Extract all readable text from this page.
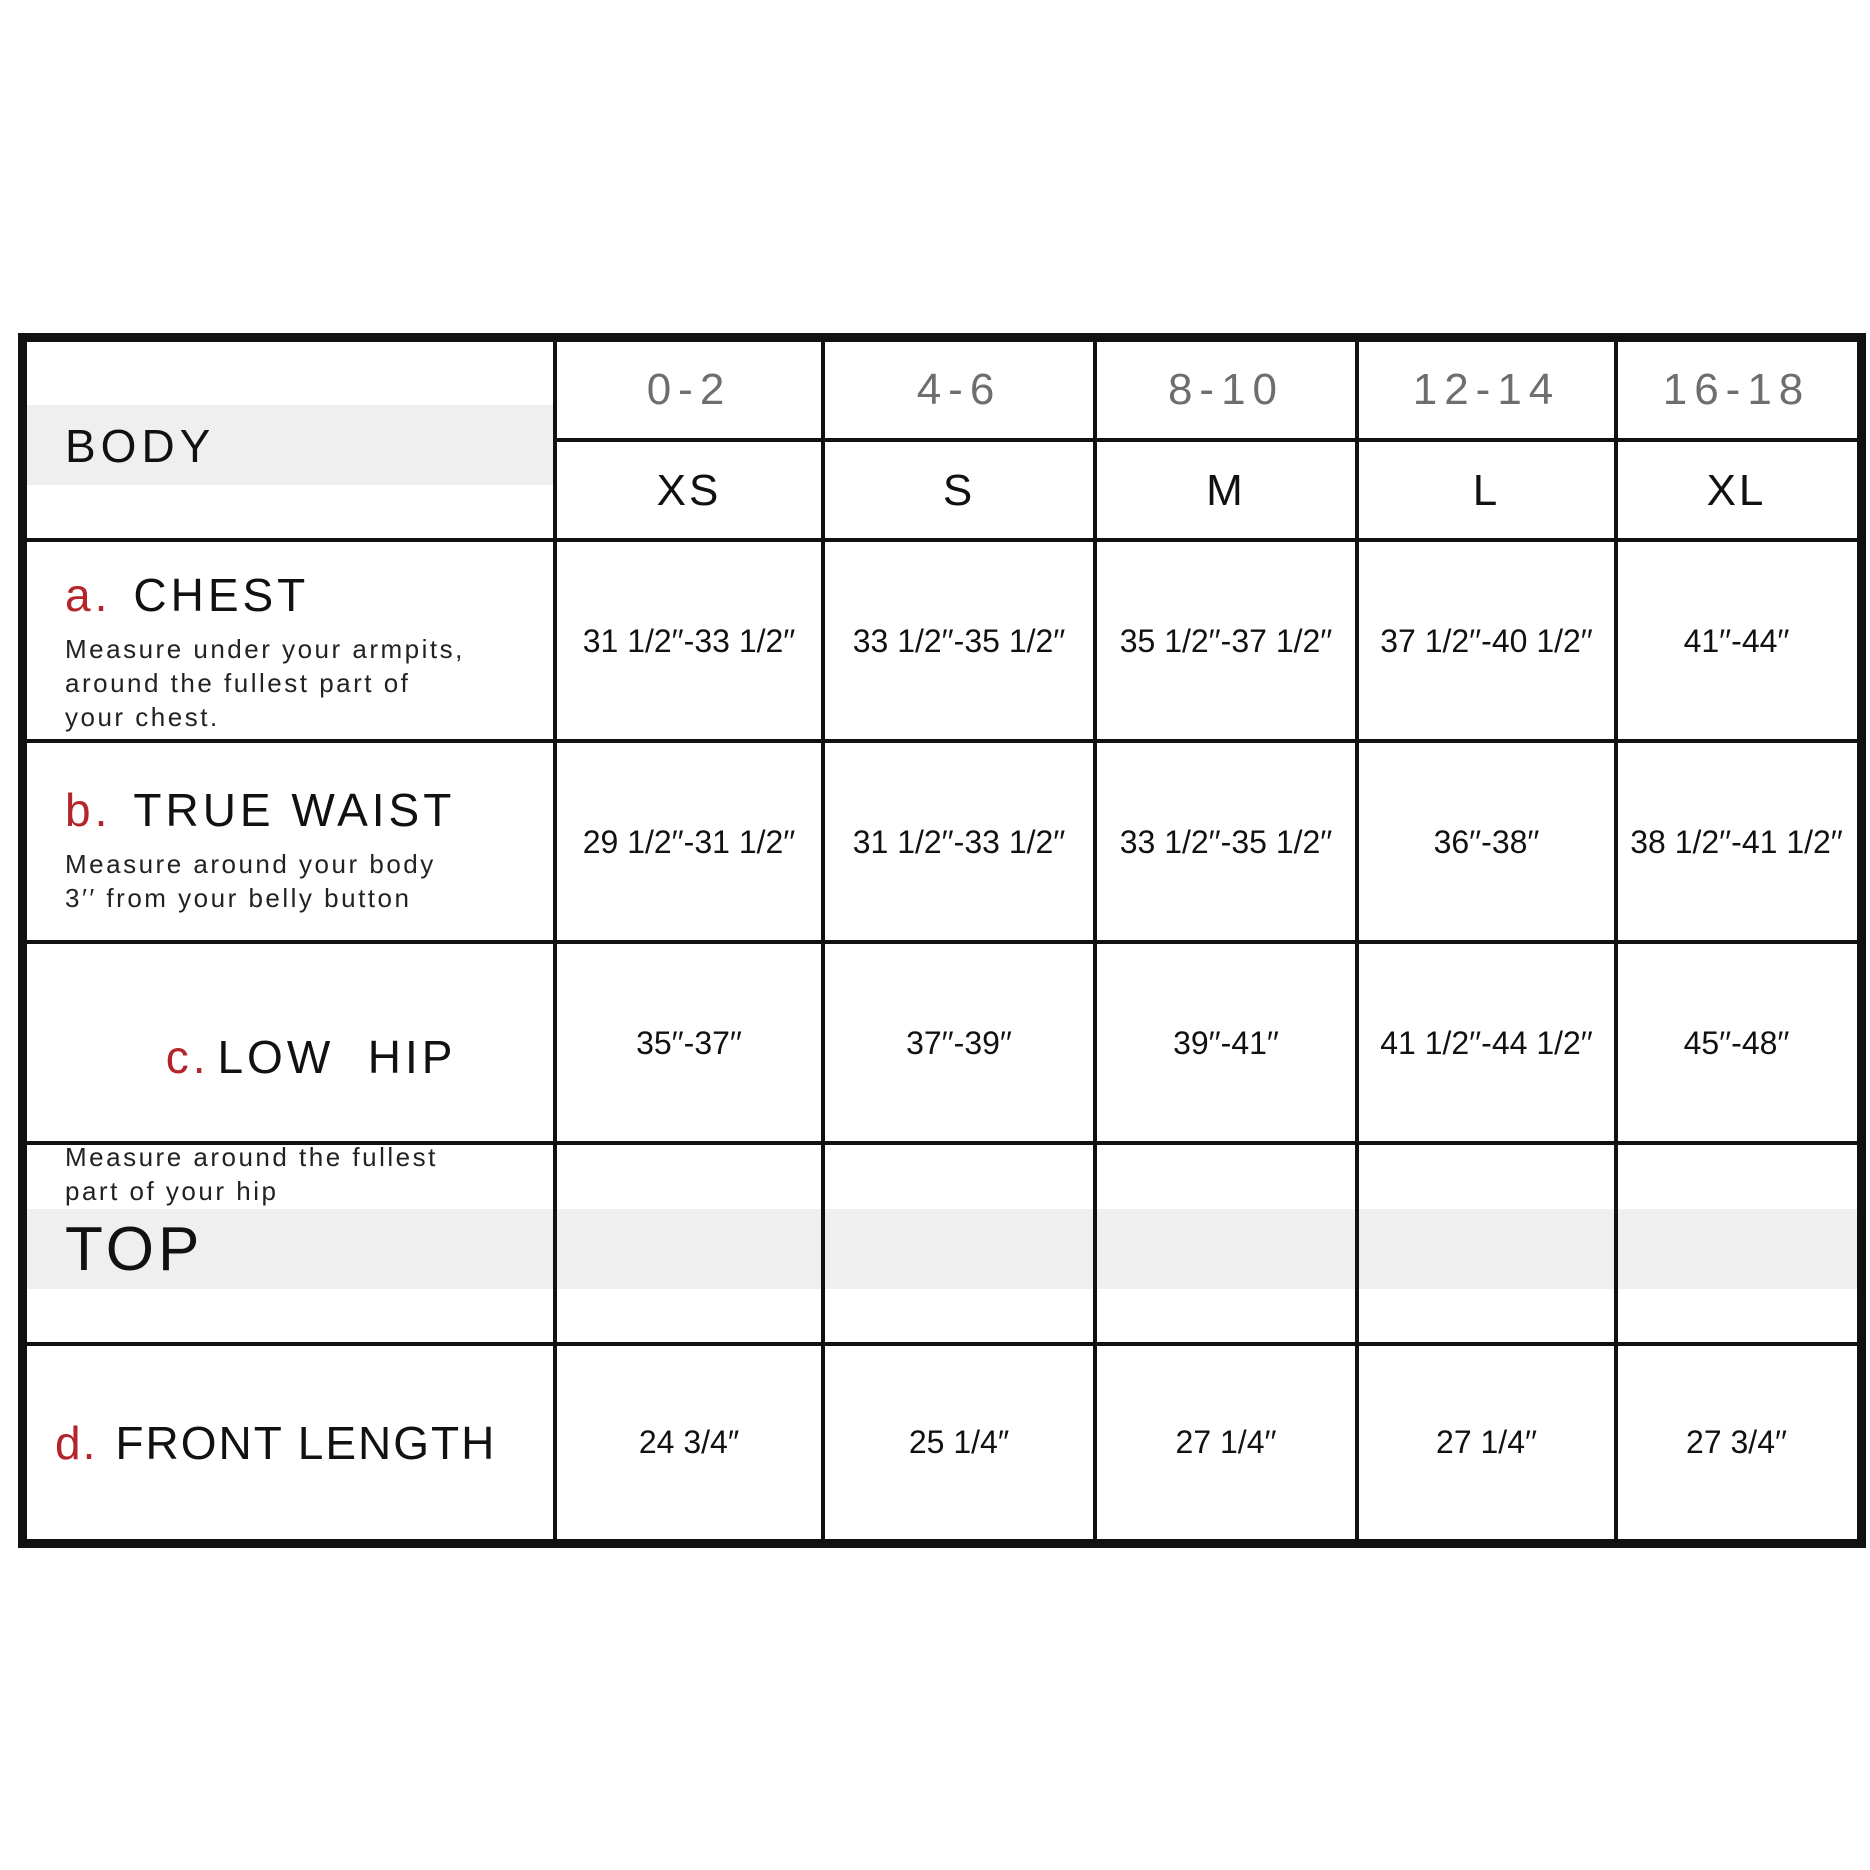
BODY
0-2	4-6	8-10	12-14	16-18
XS	S	M	L	XL
a. CHEST
Measure under your armpits,
around the fullest part of
your chest.
31 1/2′′-33 1/2′′	33 1/2′′-35 1/2′′	35 1/2′′-37 1/2′′	37 1/2′′-40 1/2′′	41′′-44′′
b. TRUE WAIST
Measure around your body
3′′ from your belly button
29 1/2′′-31 1/2′′	31 1/2′′-33 1/2′′	33 1/2′′-35 1/2′′	36′′-38′′	38 1/2′′-41 1/2′′

c. LOW  HIP

Measure around the fullest
part of your hip
35′′-37′′	37′′-39′′	39′′-41′′	41 1/2′′-44 1/2′′	45′′-48′′
TOP
d. FRONT LENGTH	24 3/4″	25 1/4″	27 1/4′′	27 1/4′′	27 3/4′′
